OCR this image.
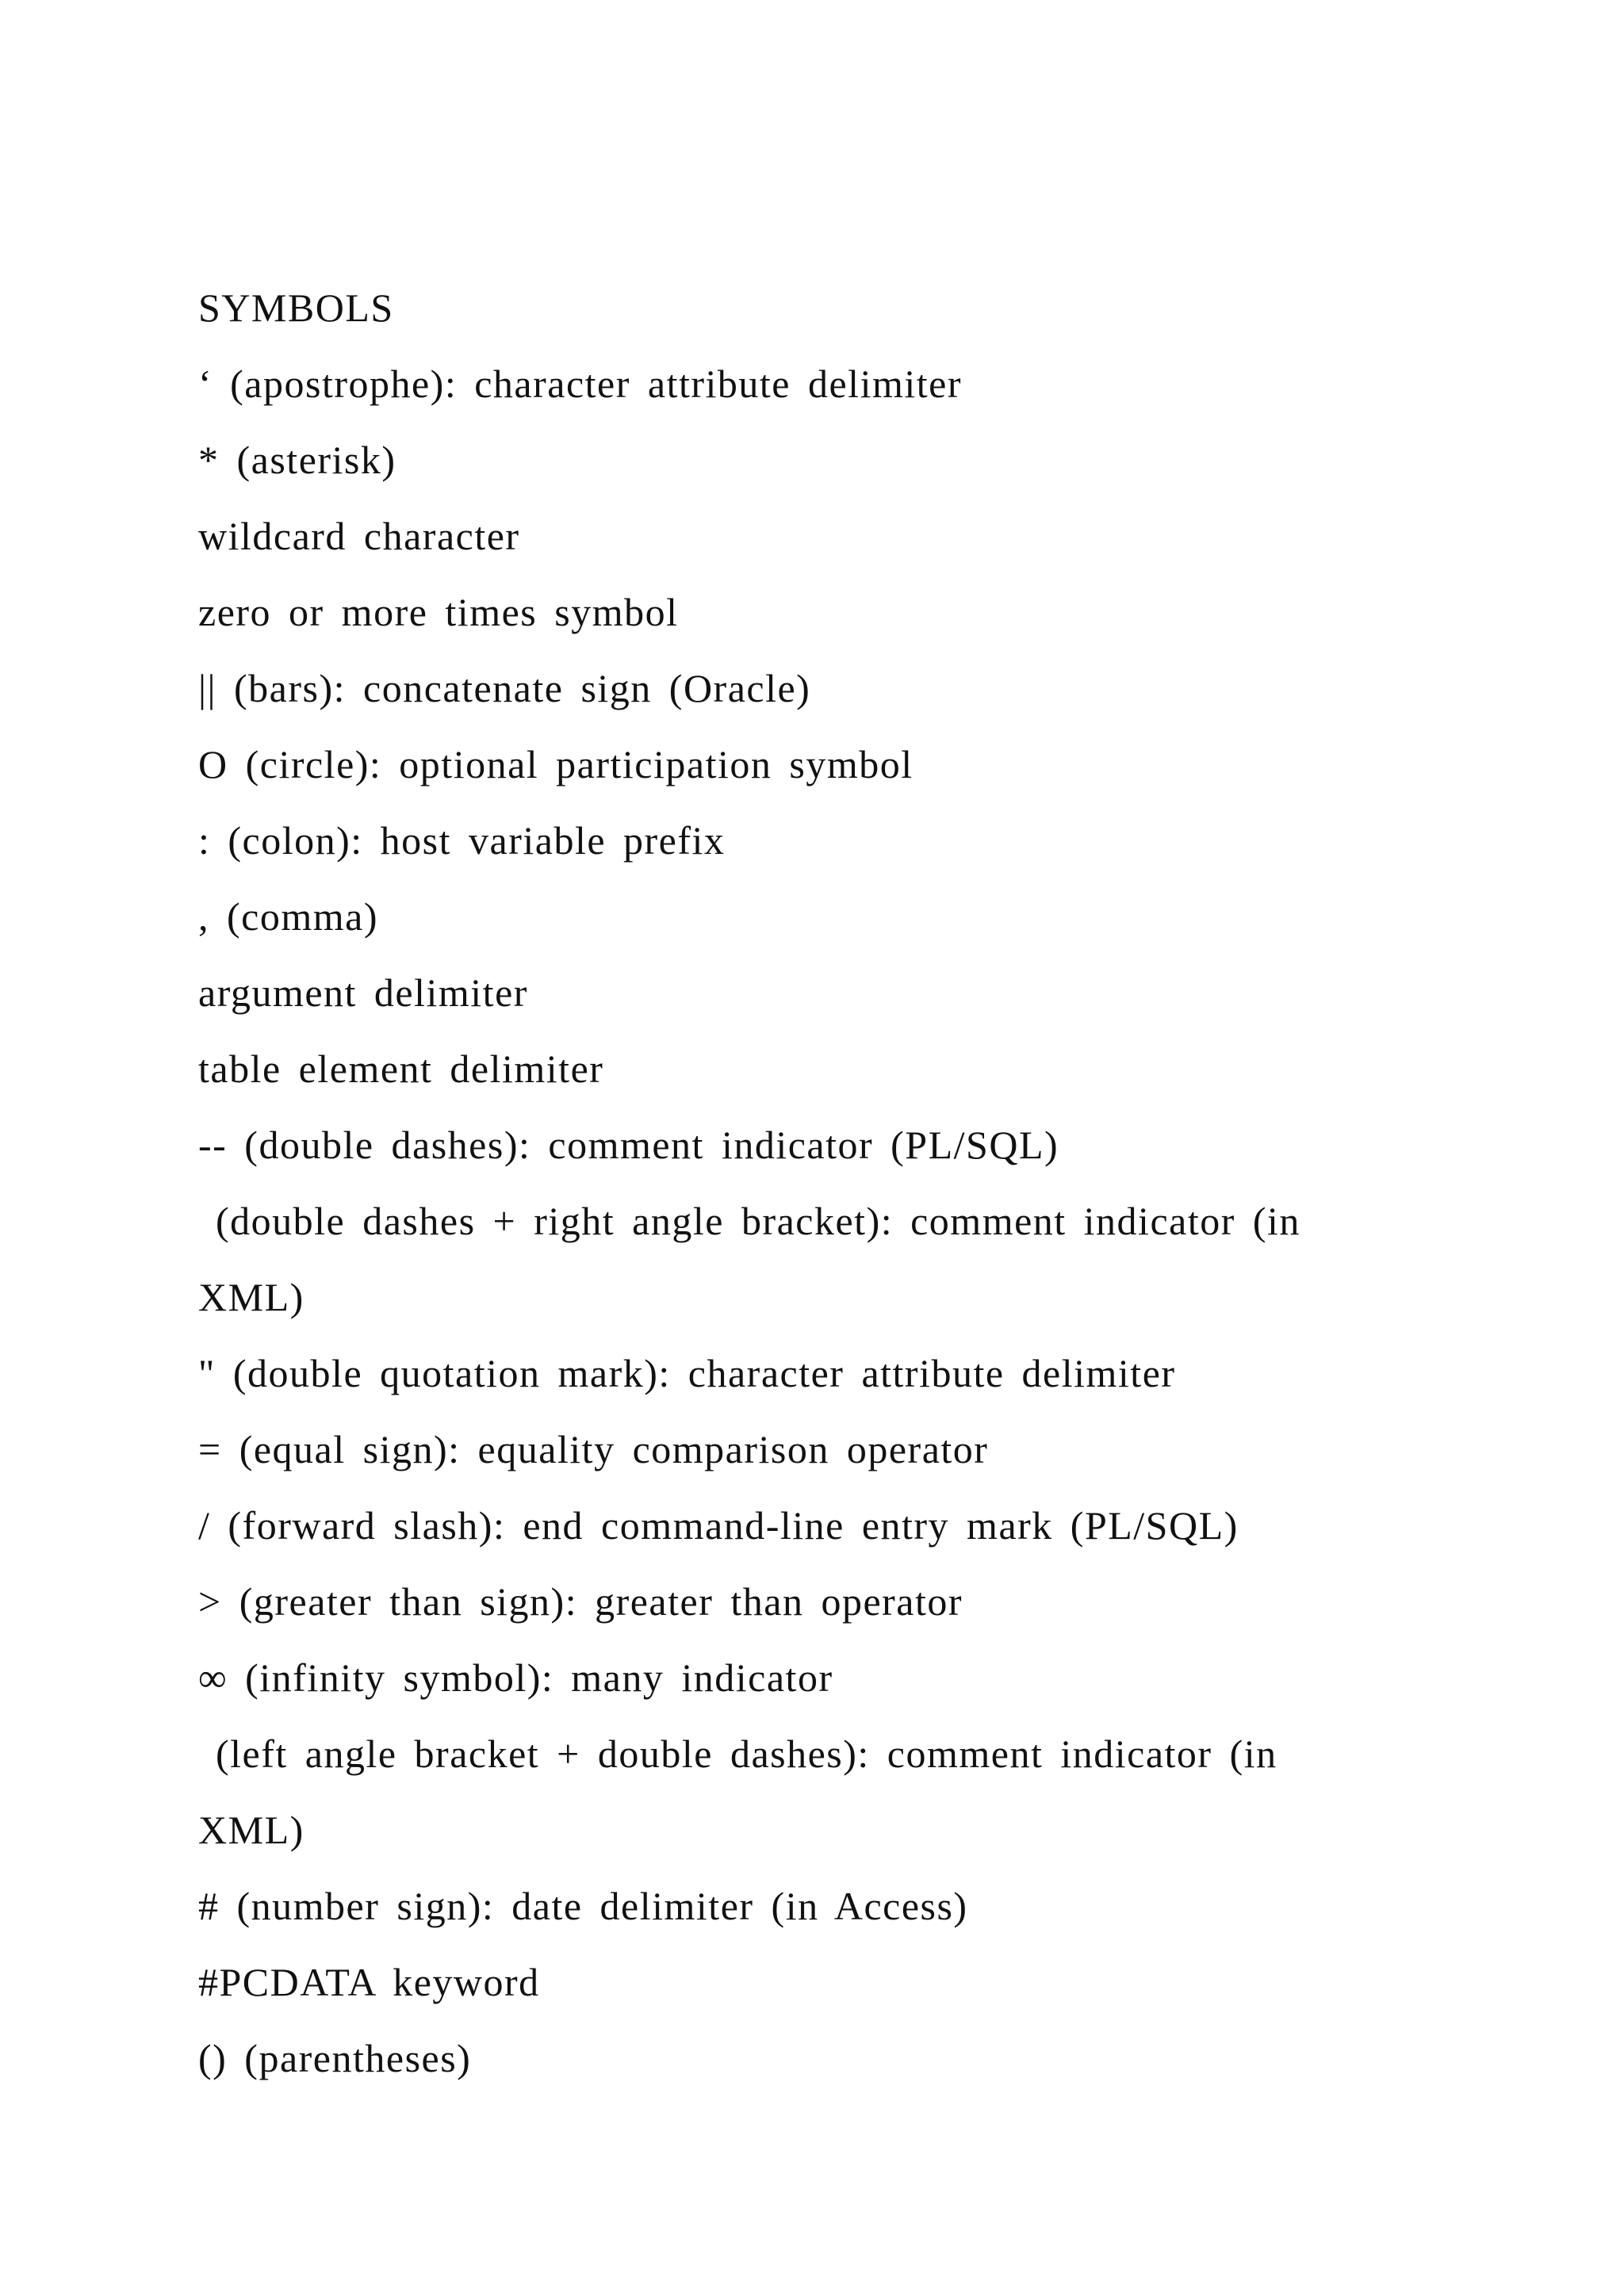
SYMBOLS
‘ (apostrophe): character attribute delimiter
* (asterisk)
wildcard character
zero or more times symbol
|| (bars): concatenate sign (Oracle)
O (circle): optional participation symbol
: (colon): host variable prefix
, (comma)
argument delimiter
table element delimiter
-- (double dashes): comment indicator (PL/SQL)
(double dashes + right angle bracket): comment indicator (in
XML)
" (double quotation mark): character attribute delimiter
= (equal sign): equality comparison operator
/ (forward slash): end command-line entry mark (PL/SQL)
> (greater than sign): greater than operator
∞ (infinity symbol): many indicator
(left angle bracket + double dashes): comment indicator (in
XML)
# (number sign): date delimiter (in Access)
#PCDATA keyword
() (parentheses)
